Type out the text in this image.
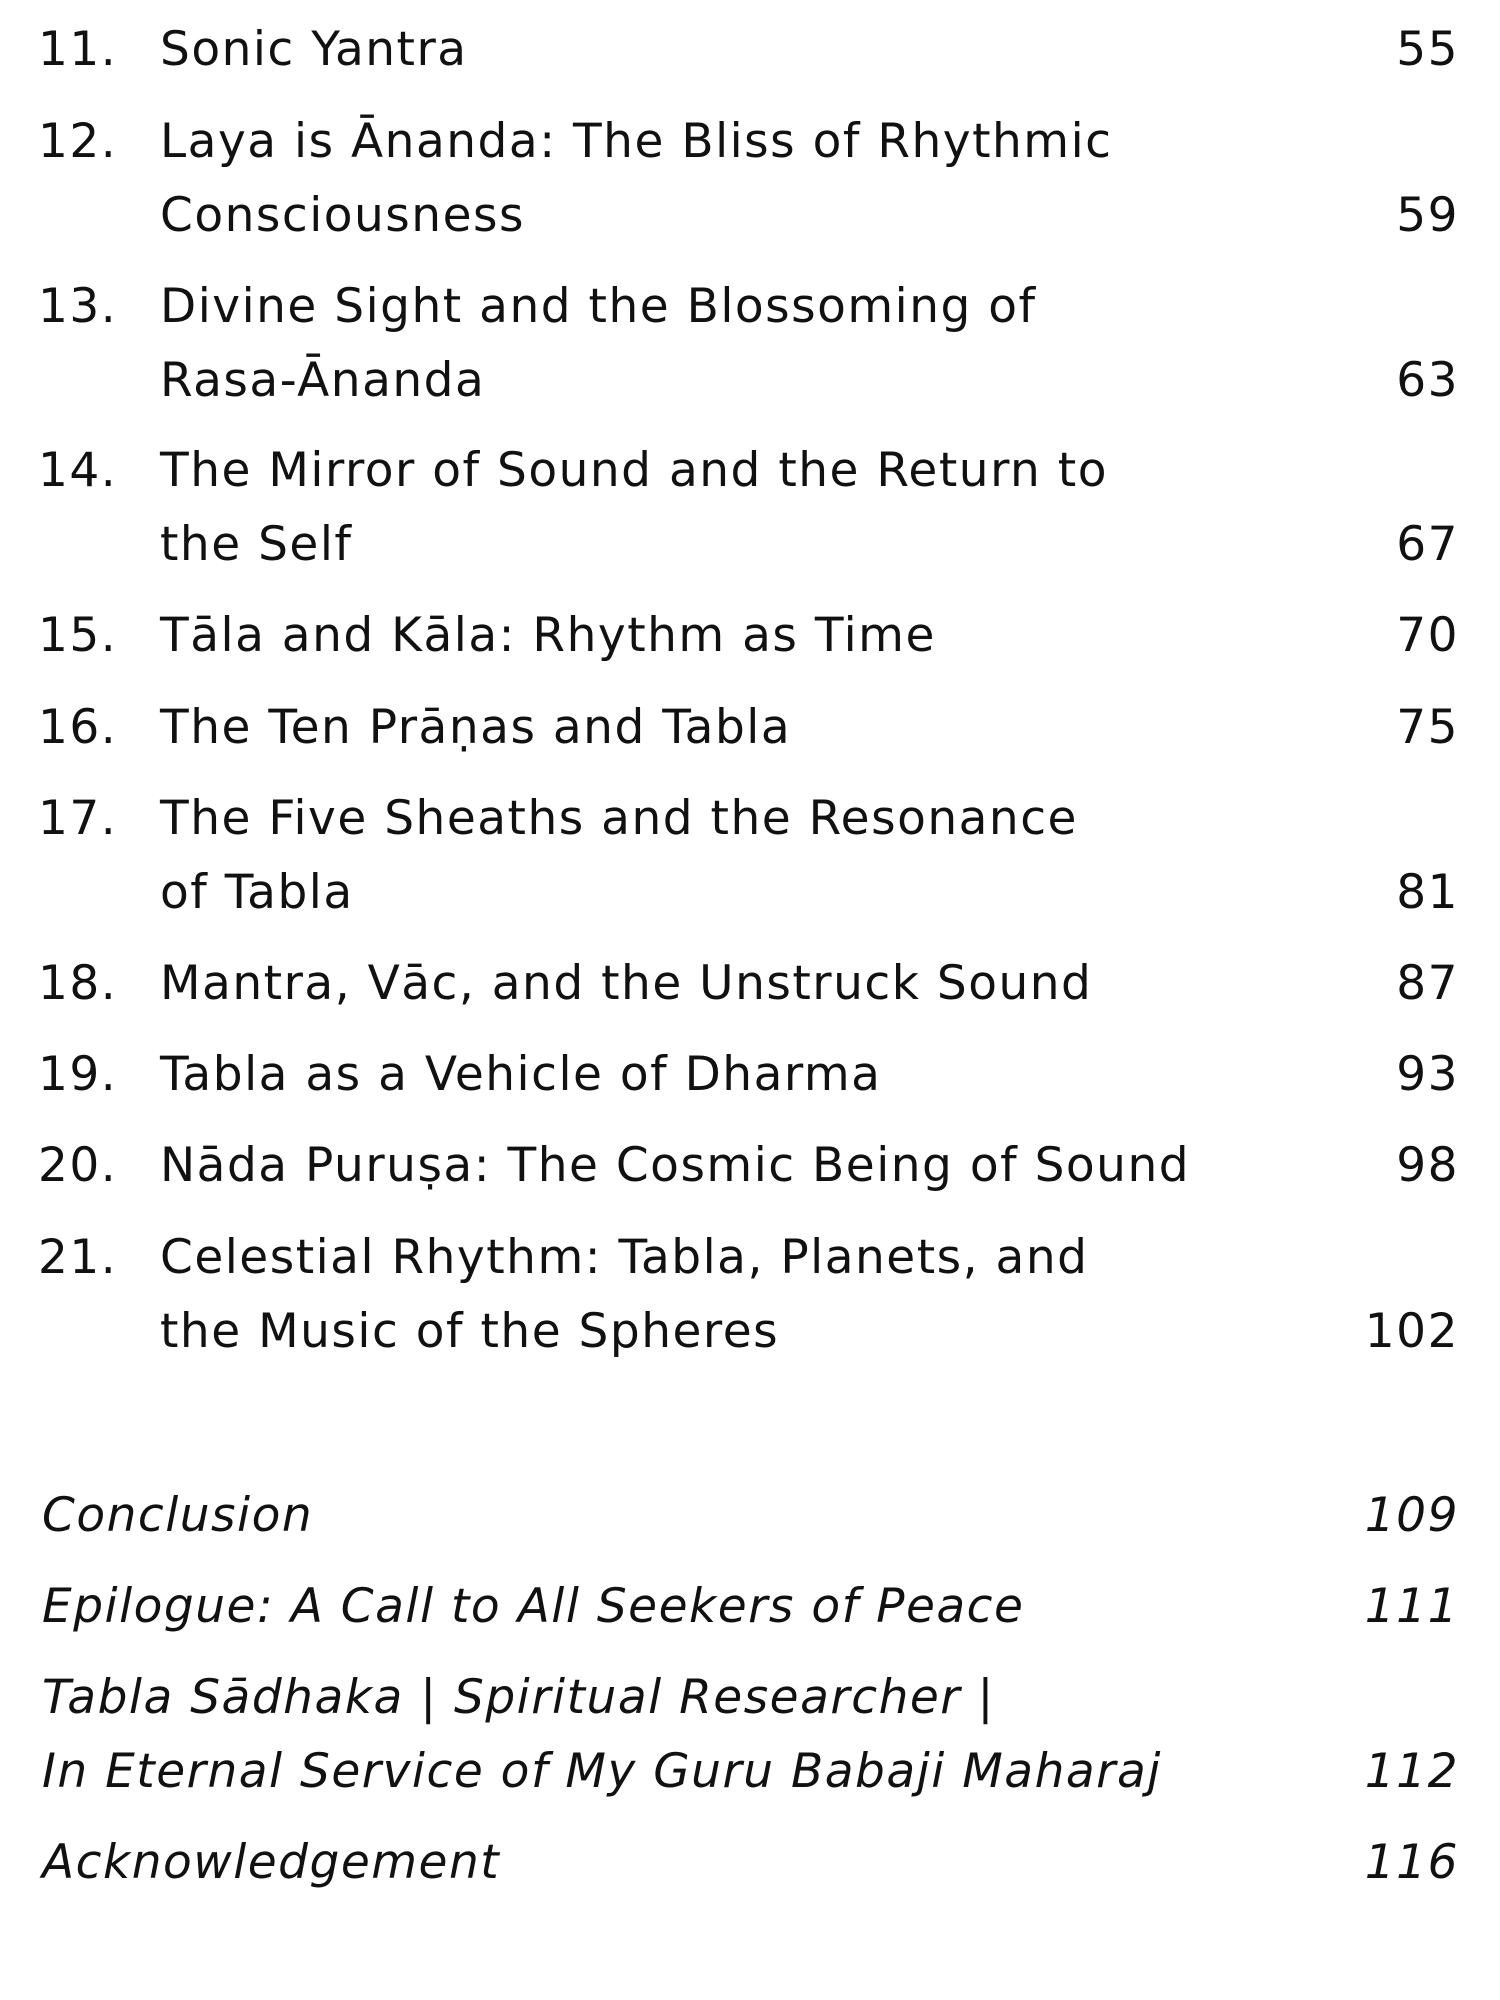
11. Sonic Yantra	55
12. Laya is Ānanda: The Bliss of Rhythmic
Consciousness	59
13. Divine Sight and the Blossoming of
Rasa-Ānanda	63
14. The Mirror of Sound and the Return to
the Self	67
15. Tāla and Kāla: Rhythm as Time	70
16. The Ten Prāṇas and Tabla	75
17. The Five Sheaths and the Resonance
of Tabla	81
18. Mantra, Vāc, and the Unstruck Sound	87
19. Tabla as a Vehicle of Dharma	93
20. Nāda Puruṣa: The Cosmic Being of Sound	98
21. Celestial Rhythm: Tabla, Planets, and
the Music of the Spheres	102
Conclusion	109
Epilogue: A Call to All Seekers of Peace	111
Tabla Sādhaka | Spiritual Researcher |
In Eternal Service of My Guru Babaji Maharaj	112
Acknowledgement	116
